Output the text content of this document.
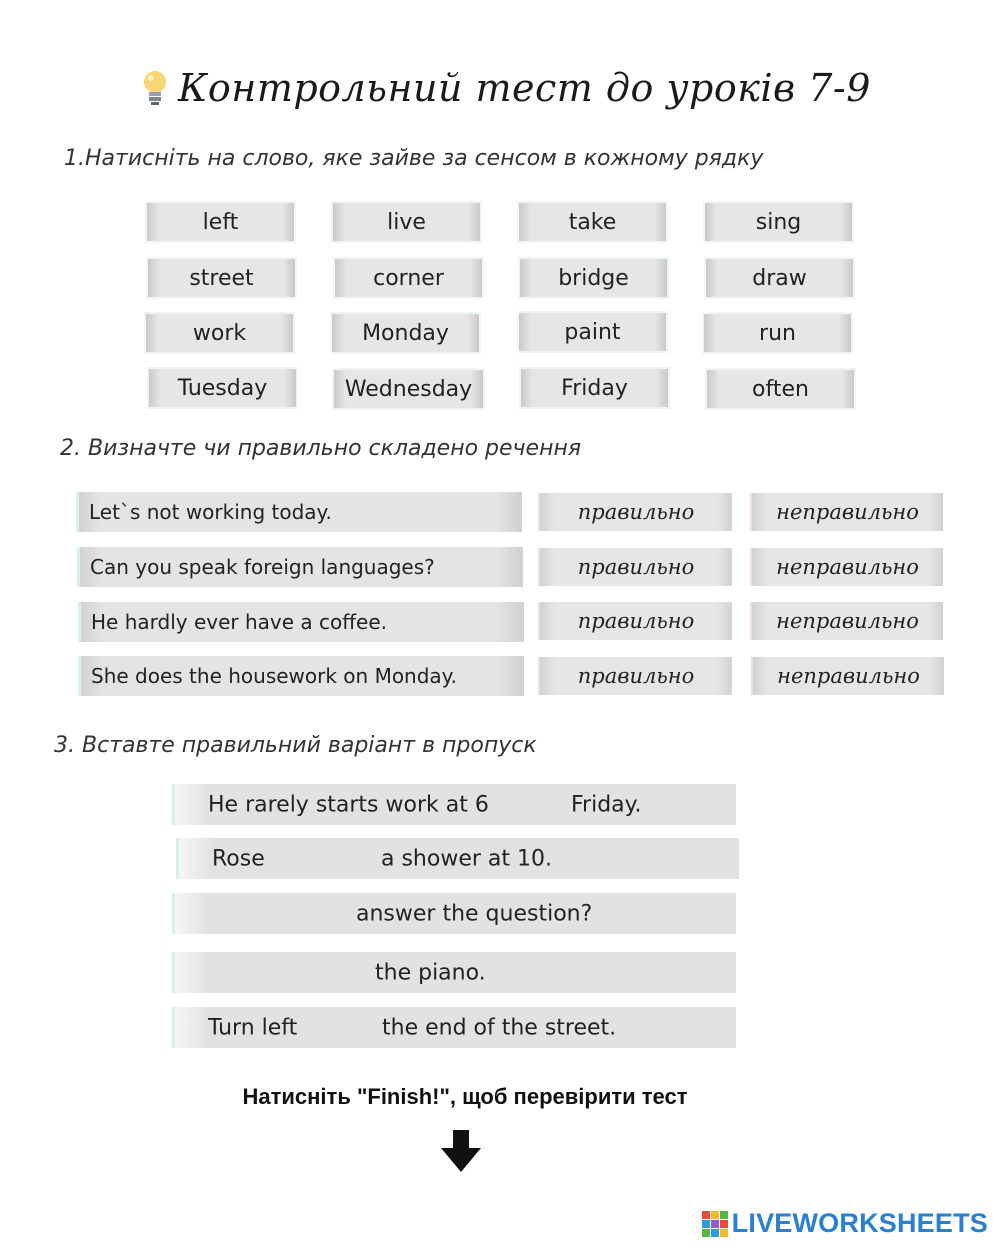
Контрольний тест до уроків 7-9
1.Натисніть на слово, яке зайве за сенсом в кожному рядку
left	live	take	sing
street	corner	bridge	draw
work	Monday	paint	run
Tuesday	Wednesday	Friday	often
2. Визначте чи правильно складено речення
Let`s not working today.	правильно	неправильно
Can you speak foreign languages?	правильно	неправильно
He hardly ever have a coffee.	правильно	неправильно
She does the housework on Monday.	правильно	неправильно
3. Вставте правильний варіант в пропуск
He rarely starts work at 6	Friday.
Rose	a shower at 10.
answer the question?
the piano.
Turn left	the end of the street.
Натисніть "Finish!", щоб перевірити тест
LIVEWORKSHEETS
